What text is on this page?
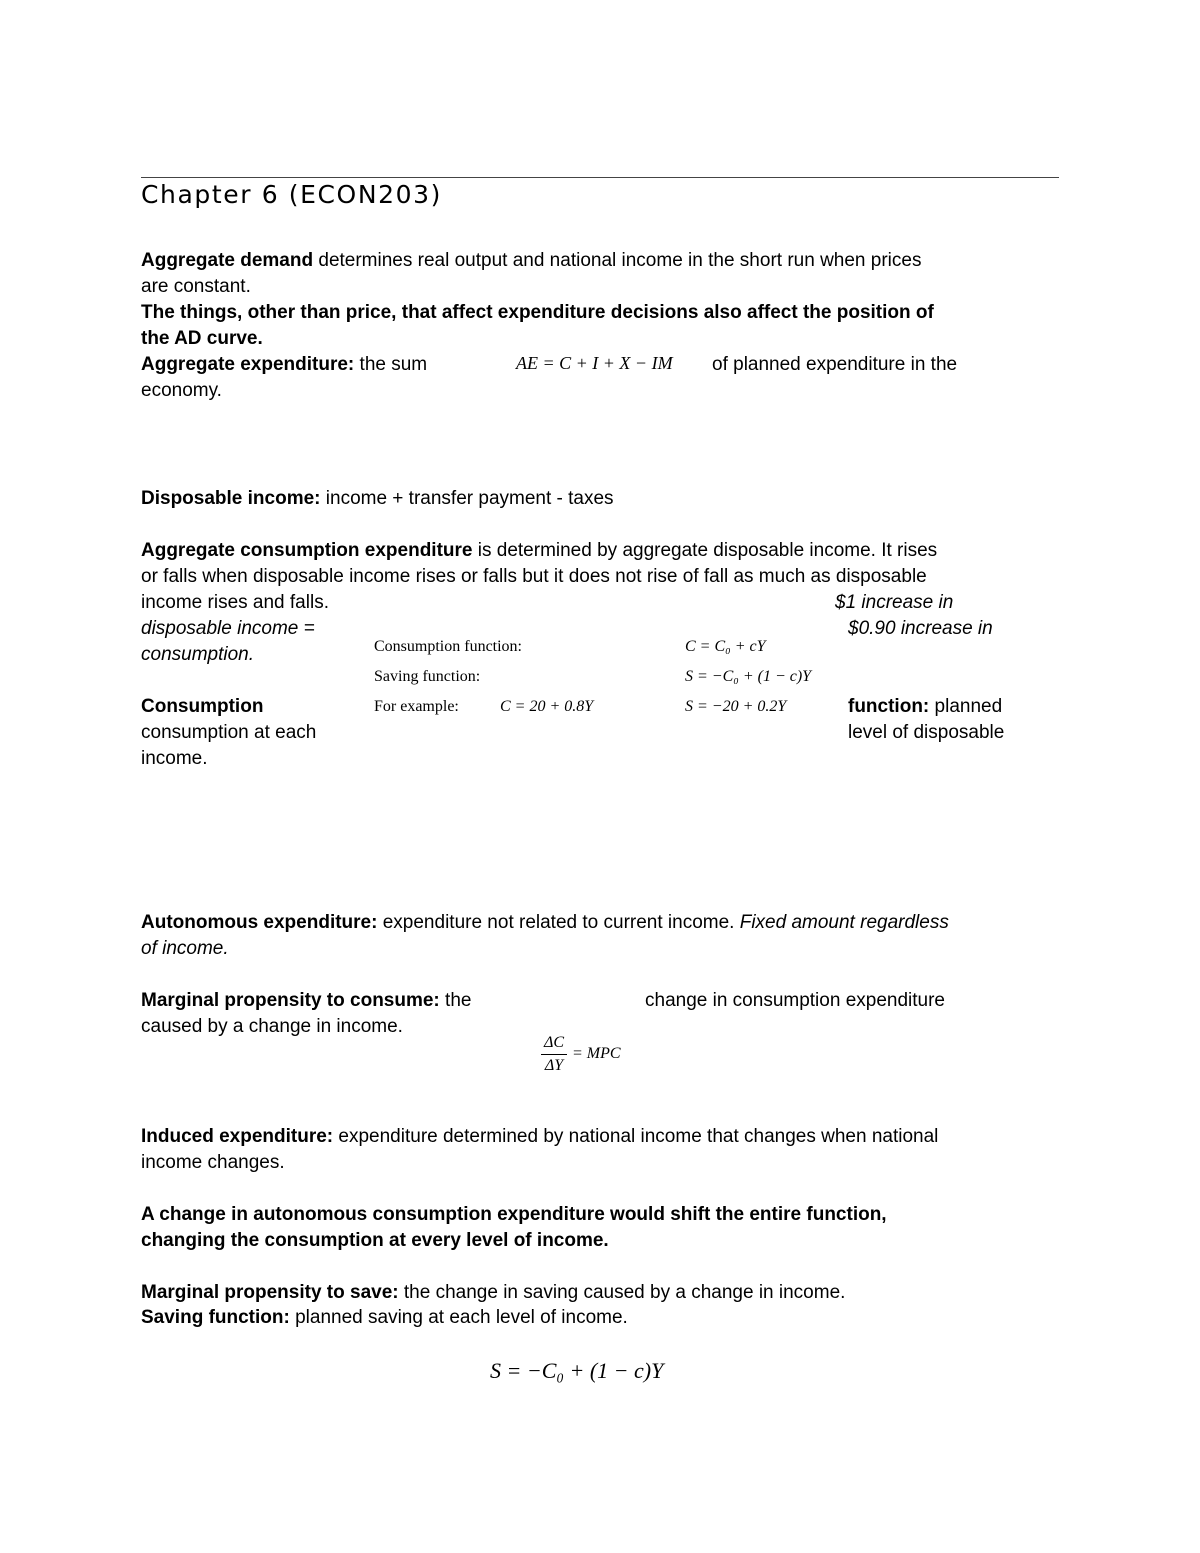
Chapter 6 (ECON203)
Aggregate demand determines real output and national income in the short run when prices
are constant.
The things, other than price, that affect expenditure decisions also affect the position of
the AD curve.
Aggregate expenditure: the sum	AE = C + I + X − IM of planned expenditure in the
economy.
Disposable income: income + transfer payment - taxes
Aggregate consumption expenditure is determined by aggregate disposable income. It rises
or falls when disposable income rises or falls but it does not rise of fall as much as disposable
income rises and falls.	$1 increase in
disposable income =	$0.90 increase in
consumption.	Consumption function:	C = C₀ + cY
Saving function:	S = −C₀ + (1 − c)Y
For example:	C = 20 + 0.8Y	S = −20 + 0.2Y
Consumption	function: planned
consumption at each	level of disposable
income.
Autonomous expenditure: expenditure not related to current income. Fixed amount regardless
of income.
Marginal propensity to consume: the	change in consumption expenditure
caused by a change in income.
ΔC
ΔY
= MPC
Induced expenditure: expenditure determined by national income that changes when national
income changes.
A change in autonomous consumption expenditure would shift the entire function,
changing the consumption at every level of income.
Marginal propensity to save: the change in saving caused by a change in income.
Saving function: planned saving at each level of income.
S = −C₀ + (1 − c)Y
